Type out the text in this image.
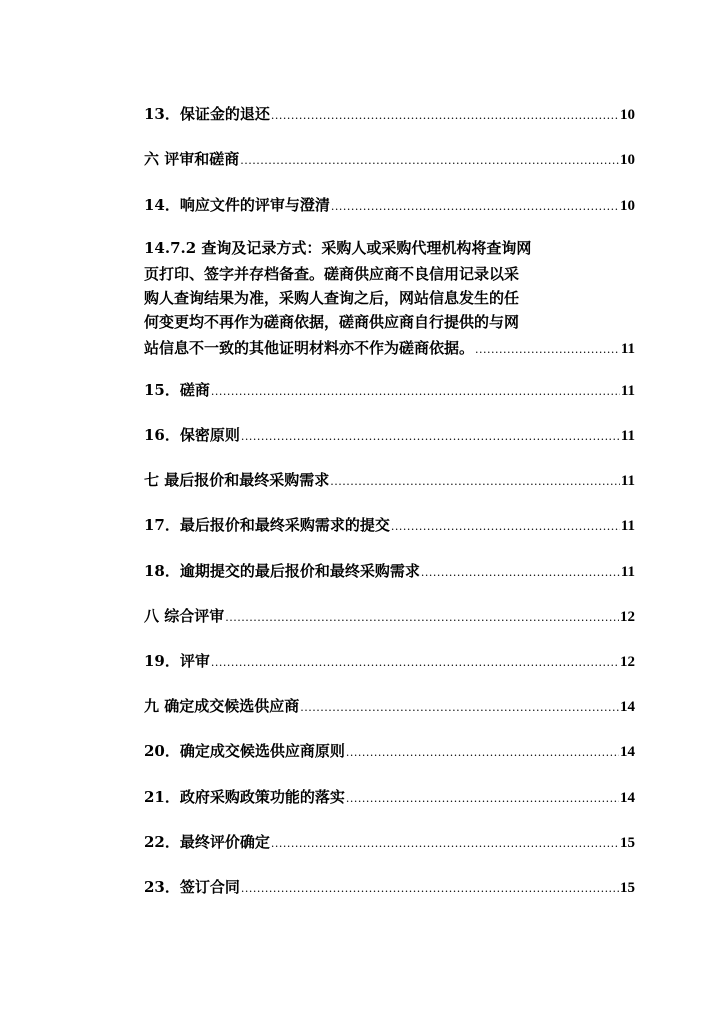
13．保证金的退还 .....	10
六 评审和磋商 .....	10
14．响应文件的评审与澄清 .....	10
14.7.2 查询及记录方式：采购人或采购代理机构将查询网
页打印、签字并存档备查。磋商供应商不良信用记录以采
购人查询结果为准，采购人查询之后，网站信息发生的任
何变更均不再作为磋商依据，磋商供应商自行提供的与网
站信息不一致的其他证明材料亦不作为磋商依据。 .....	11
15．磋商 .....	11
16．保密原则 .....	11
七 最后报价和最终采购需求 .....	11
17．最后报价和最终采购需求的提交 .....	11
18．逾期提交的最后报价和最终采购需求 .....	11
八 综合评审 .....	12
19．评审 .....	12
九 确定成交候选供应商 .....	14
20．确定成交候选供应商原则 .....	14
21．政府采购政策功能的落实 .....	14
22．最终评价确定 .....	15
23．签订合同 .....	15
